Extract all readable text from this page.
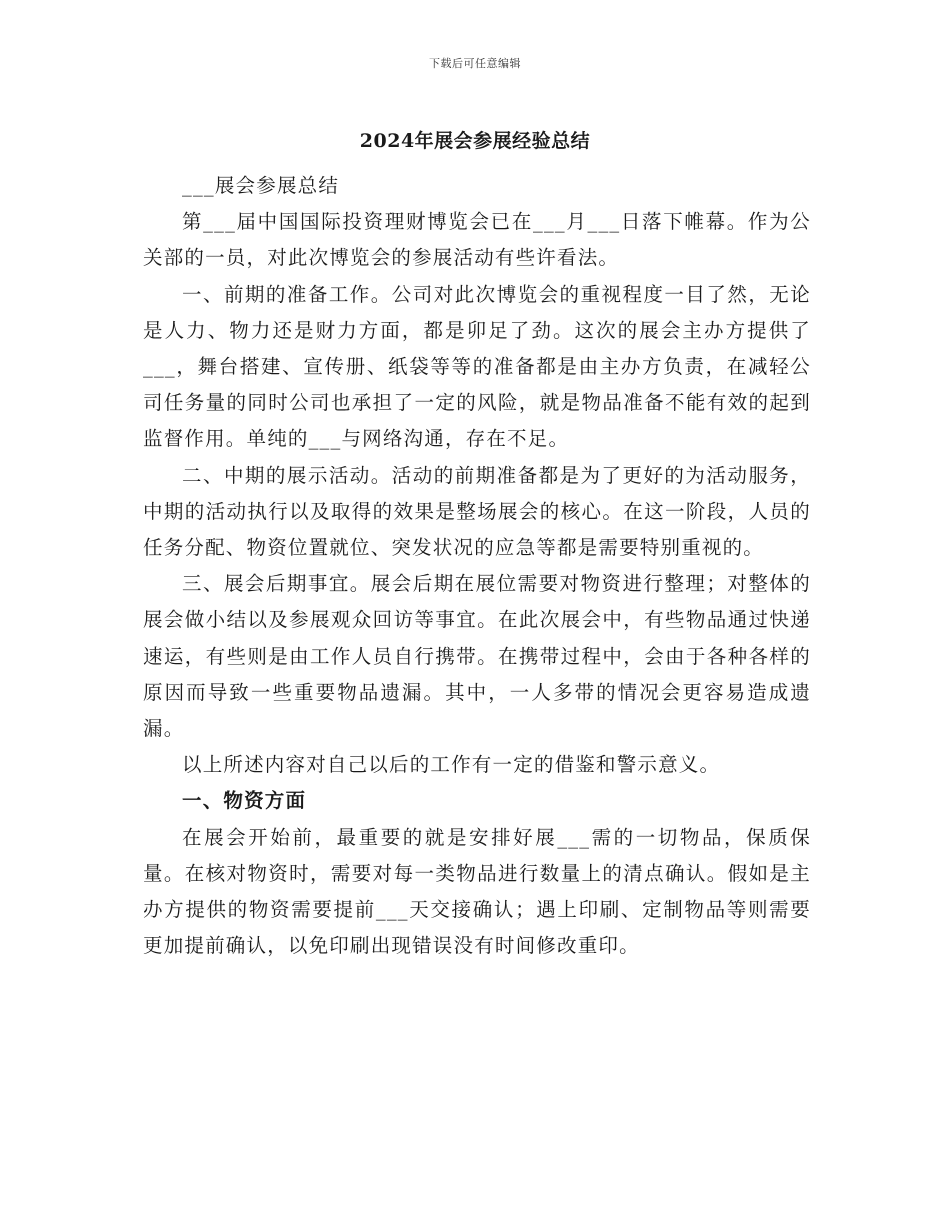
下载后可任意编辑
2024年展会参展经验总结

___展会参展总结

第___届中国国际投资理财博览会已在___月___日落下帷幕。作为公关部的一员，对此次博览会的参展活动有些许看法。

一、前期的准备工作。公司对此次博览会的重视程度一目了然，无论是人力、物力还是财力方面，都是卯足了劲。这次的展会主办方提供了___，舞台搭建、宣传册、纸袋等等的准备都是由主办方负责，在减轻公司任务量的同时公司也承担了一定的风险，就是物品准备不能有效的起到监督作用。单纯的___与网络沟通，存在不足。

二、中期的展示活动。活动的前期准备都是为了更好的为活动服务，中期的活动执行以及取得的效果是整场展会的核心。在这一阶段，人员的任务分配、物资位置就位、突发状况的应急等都是需要特别重视的。

三、展会后期事宜。展会后期在展位需要对物资进行整理；对整体的展会做小结以及参展观众回访等事宜。在此次展会中，有些物品通过快递速运，有些则是由工作人员自行携带。在携带过程中，会由于各种各样的原因而导致一些重要物品遗漏。其中，一人多带的情况会更容易造成遗漏。

以上所述内容对自己以后的工作有一定的借鉴和警示意义。

一、物资方面

在展会开始前，最重要的就是安排好展___需的一切物品，保质保量。在核对物资时，需要对每一类物品进行数量上的清点确认。假如是主办方提供的物资需要提前___天交接确认；遇上印刷、定制物品等则需要更加提前确认，以免印刷出现错误没有时间修改重印。
